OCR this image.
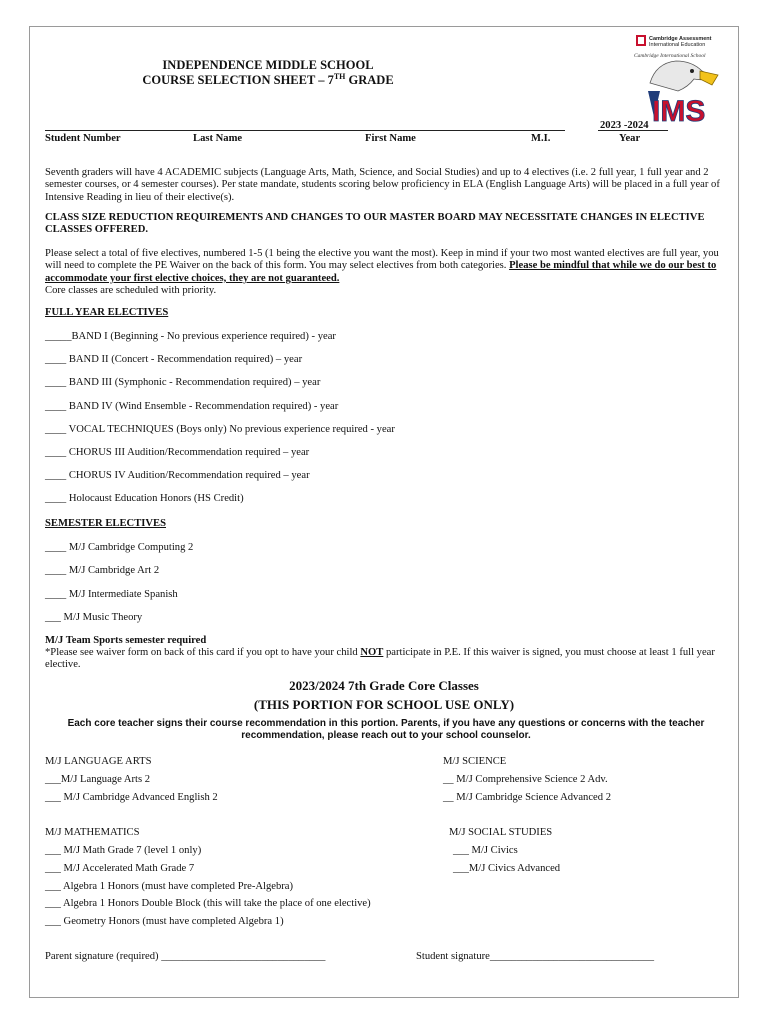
INDEPENDENCE MIDDLE SCHOOL
COURSE SELECTION SHEET – 7TH GRADE
Cambridge Assessment
International Education
Cambridge International School
IMS
2023 -2024
Student Number	Last Name	First Name	M.I.	Year
Seventh graders will have 4 ACADEMIC subjects (Language Arts, Math, Science, and Social Studies) and up to 4 electives (i.e. 2 full year, 1 full year and 2 semester courses, or 4 semester courses). Per state mandate, students scoring below proficiency in ELA (English Language Arts) will be placed in a full year of Intensive Reading in lieu of their elective(s).
CLASS SIZE REDUCTION REQUIREMENTS AND CHANGES TO OUR MASTER BOARD MAY NECESSITATE CHANGES IN ELECTIVE CLASSES OFFERED.
Please select a total of five electives, numbered 1-5 (1 being the elective you want the most). Keep in mind if your two most wanted electives are full year, you will need to complete the PE Waiver on the back of this form. You may select electives from both categories. Please be mindful that while we do our best to accommodate your first elective choices, they are not guaranteed.
Core classes are scheduled with priority.
FULL YEAR ELECTIVES
_____BAND I (Beginning - No previous experience required) - year
____ BAND II (Concert - Recommendation required) – year
____ BAND III (Symphonic - Recommendation required) – year
____ BAND IV (Wind Ensemble - Recommendation required) - year
____ VOCAL TECHNIQUES (Boys only) No previous experience required - year
____ CHORUS III Audition/Recommendation required – year
____ CHORUS IV Audition/Recommendation required – year
____ Holocaust Education Honors (HS Credit)
SEMESTER ELECTIVES
____ M/J Cambridge Computing 2
____ M/J Cambridge Art 2
____ M/J Intermediate Spanish
___ M/J Music Theory
M/J Team Sports semester required
*Please see waiver form on back of this card if you opt to have your child NOT participate in P.E. If this waiver is signed, you must choose at least 1 full year elective.
2023/2024 7th Grade Core Classes
(THIS PORTION FOR SCHOOL USE ONLY)
Each core teacher signs their course recommendation in this portion. Parents, if you have any questions or concerns with the teacher recommendation, please reach out to your school counselor.
M/J LANGUAGE ARTS
___M/J Language Arts 2
___ M/J Cambridge Advanced English 2
M/J SCIENCE
__ M/J Comprehensive Science 2 Adv.
__ M/J Cambridge Science Advanced 2
M/J MATHEMATICS
___ M/J Math Grade 7 (level 1 only)
___ M/J Accelerated Math Grade 7
___ Algebra 1 Honors (must have completed Pre-Algebra)
___ Algebra 1 Honors Double Block (this will take the place of one elective)
___ Geometry Honors (must have completed Algebra 1)
M/J SOCIAL STUDIES
___ M/J Civics
___M/J Civics Advanced
Parent signature (required) _______________________________	Student signature_______________________________
